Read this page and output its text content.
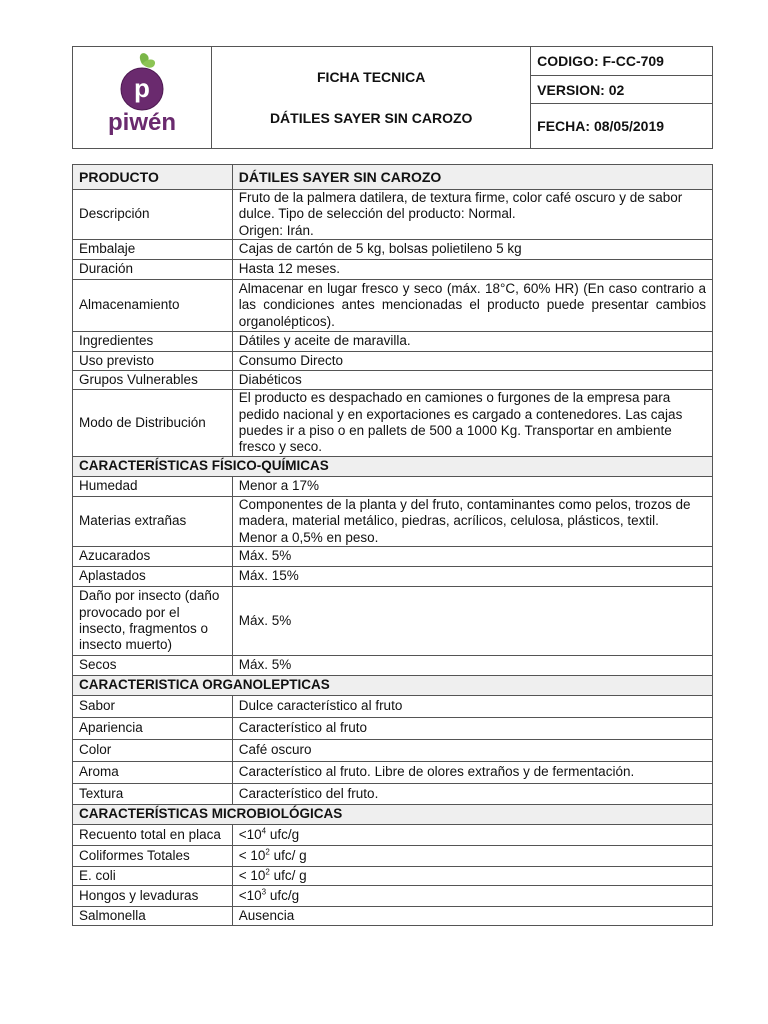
p
piwén

FICHA TECNICA
DÁTILES SAYER SIN CAROZO
	CODIGO: F-CC-709
VERSION: 02
FECHA: 08/05/2019
PRODUCTO	DÁTILES SAYER SIN CAROZO
Descripción	Fruto de la palmera datilera, de textura firme, color café oscuro y de sabor dulce. Tipo de selección del producto: Normal.
Origen: Irán.
Embalaje	Cajas de cartón de 5 kg, bolsas polietileno 5 kg
Duración	Hasta 12 meses.
Almacenamiento	Almacenar en lugar fresco y seco (máx. 18°C, 60% HR) (En caso contrario a las condiciones antes mencionadas el producto puede presentar cambios organolépticos).
Ingredientes	Dátiles y aceite de maravilla.
Uso previsto	Consumo Directo
Grupos Vulnerables	Diabéticos
Modo de Distribución	El producto es despachado en camiones o furgones de la empresa para pedido nacional y en exportaciones es cargado a contenedores. Las cajas puedes ir a piso o en pallets de 500 a 1000 Kg. Transportar en ambiente fresco y seco.
CARACTERÍSTICAS FÍSICO-QUÍMICAS	
Humedad	Menor a 17%
Materias extrañas	Componentes de la planta y del fruto, contaminantes como pelos, trozos de madera, material metálico, piedras, acrílicos, celulosa, plásticos, textil.
Menor a 0,5% en peso.
Azucarados	Máx. 5%
Aplastados	Máx. 15%
Daño por insecto (daño provocado por el insecto, fragmentos o insecto muerto)	Máx. 5%
Secos	Máx. 5%
CARACTERISTICA ORGANOLEPTICAS	
Sabor	Dulce característico al fruto
Apariencia	Característico al fruto
Color	Café oscuro
Aroma	Característico al fruto. Libre de olores extraños y de fermentación.
Textura	Característico del fruto.
CARACTERÍSTICAS MICROBIOLÓGICAS	
Recuento total en placa	$<10^4$ ufc/g
Coliformes Totales	< $10^2$ ufc/ g
E. coli	< $10^2$ ufc/ g
Hongos y levaduras	$<10^3$ ufc/g
Salmonella	Ausencia
